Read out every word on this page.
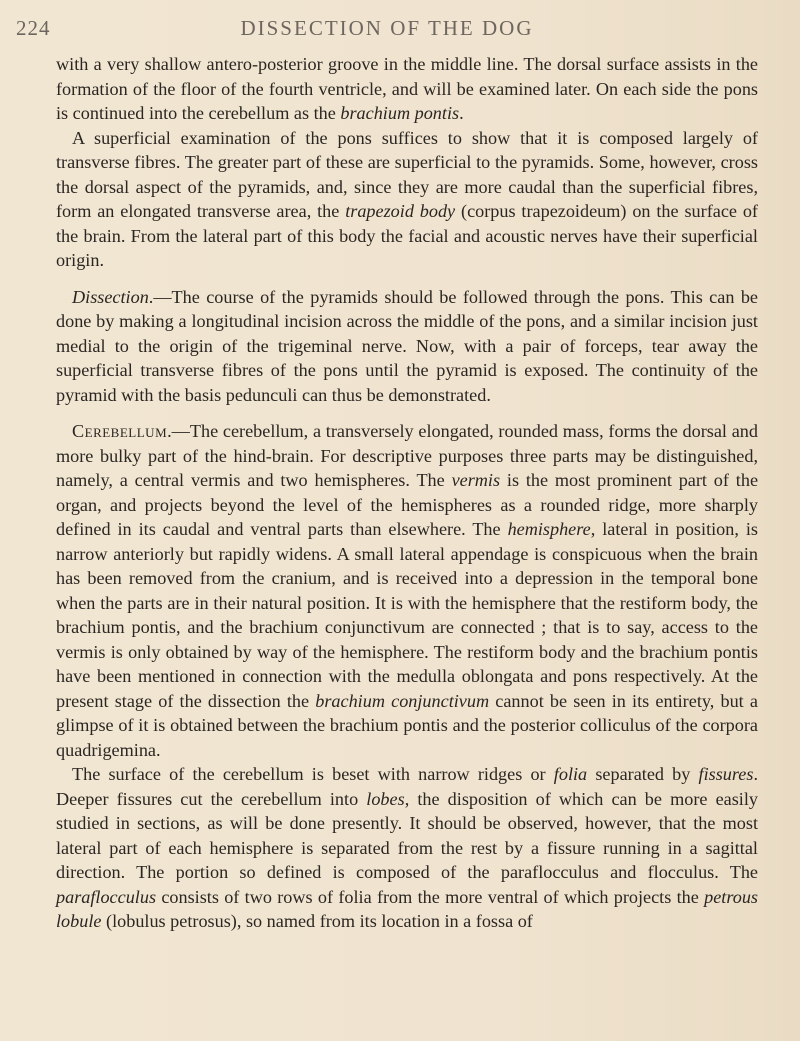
224	DISSECTION OF THE DOG

with a very shallow antero-posterior groove in the middle line. The dorsal surface assists in the formation of the floor of the fourth ventricle, and will be examined later. On each side the pons is continued into the cerebellum as the brachium pontis.

A superficial examination of the pons suffices to show that it is composed largely of transverse fibres. The greater part of these are superficial to the pyramids. Some, however, cross the dorsal aspect of the pyramids, and, since they are more caudal than the superficial fibres, form an elongated transverse area, the trapezoid body (corpus trapezoideum) on the surface of the brain. From the lateral part of this body the facial and acoustic nerves have their superficial origin.

Dissection.—The course of the pyramids should be followed through the pons. This can be done by making a longitudinal incision across the middle of the pons, and a similar incision just medial to the origin of the trigeminal nerve. Now, with a pair of forceps, tear away the superficial transverse fibres of the pons until the pyramid is exposed. The continuity of the pyramid with the basis pedunculi can thus be demonstrated.

Cerebellum.—The cerebellum, a transversely elongated, rounded mass, forms the dorsal and more bulky part of the hind-brain. For descriptive purposes three parts may be distinguished, namely, a central vermis and two hemispheres. The vermis is the most prominent part of the organ, and projects beyond the level of the hemispheres as a rounded ridge, more sharply defined in its caudal and ventral parts than elsewhere. The hemisphere, lateral in position, is narrow anteriorly but rapidly widens. A small lateral appendage is conspicuous when the brain has been removed from the cranium, and is received into a depression in the temporal bone when the parts are in their natural position. It is with the hemisphere that the restiform body, the brachium pontis, and the brachium conjunctivum are connected ; that is to say, access to the vermis is only obtained by way of the hemisphere. The restiform body and the brachium pontis have been mentioned in connection with the medulla oblongata and pons respectively. At the present stage of the dissection the brachium conjunctivum cannot be seen in its entirety, but a glimpse of it is obtained between the brachium pontis and the posterior colliculus of the corpora quadrigemina.

The surface of the cerebellum is beset with narrow ridges or folia separated by fissures. Deeper fissures cut the cerebellum into lobes, the disposition of which can be more easily studied in sections, as will be done presently. It should be observed, however, that the most lateral part of each hemisphere is separated from the rest by a fissure running in a sagittal direction. The portion so defined is composed of the paraflocculus and flocculus. The paraflocculus consists of two rows of folia from the more ventral of which projects the petrous lobule (lobulus petrosus), so named from its location in a fossa of
